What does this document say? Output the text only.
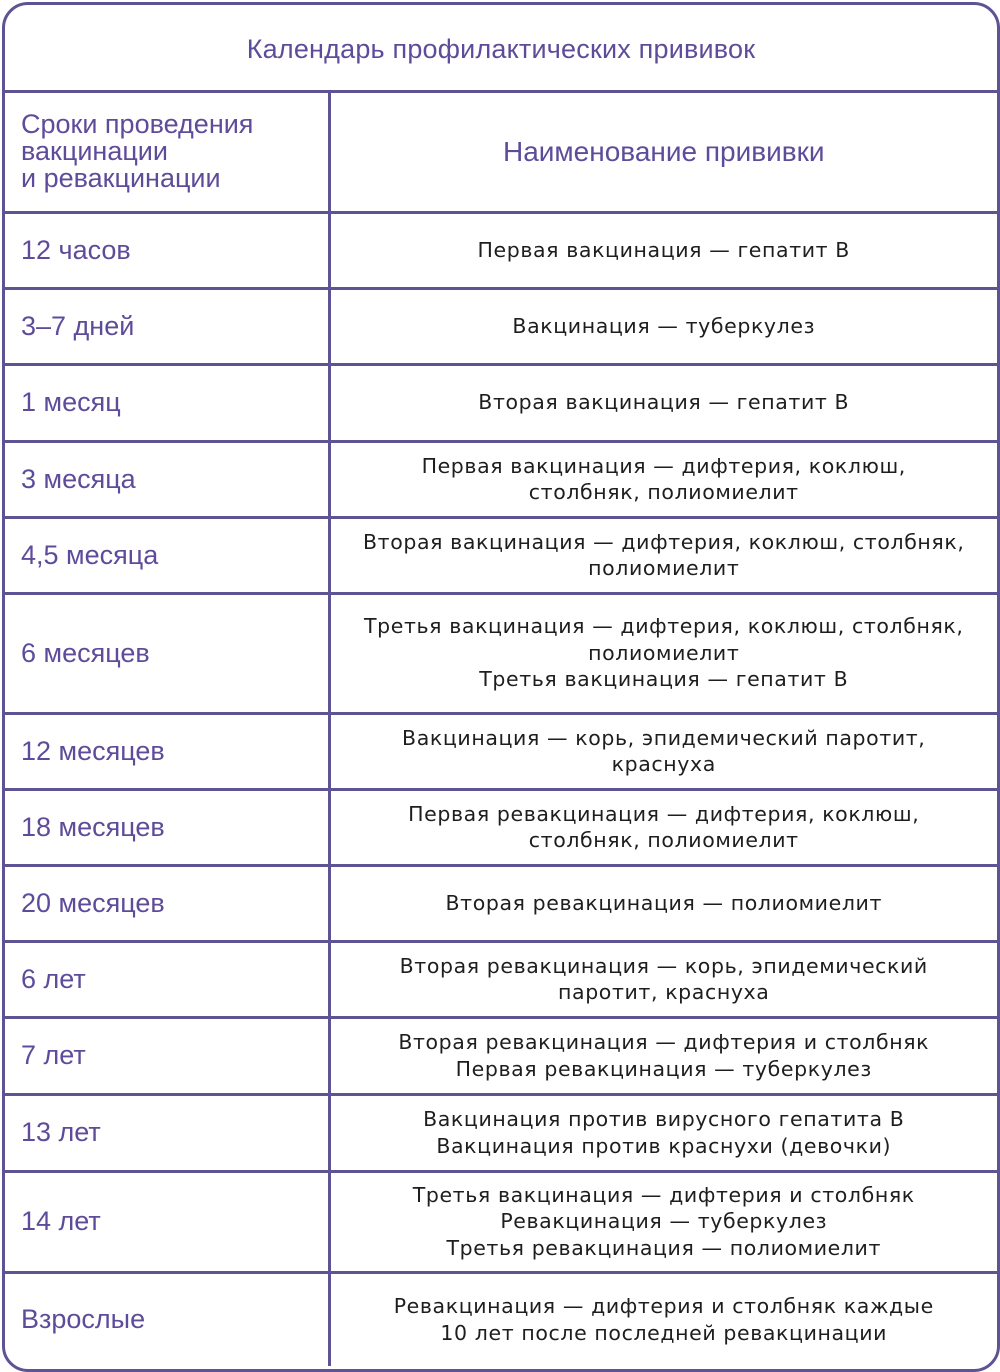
Календарь профилактических прививок
Сроки проведения
вакцинации
и ревакцинации	Наименование прививки
12 часов	Первая вакцинация — гепатит В

3–7 дней	Вакцинация — туберкулез

1 месяц	Вторая вакцинация — гепатит В

3 месяца	Первая вакцинация — дифтерия, коклюш,
столбняк, полиомиелит

4,5 месяца	Вторая вакцинация — дифтерия, коклюш, столбняк,
полиомиелит

6 месяцев	Третья вакцинация — дифтерия, коклюш, столбняк,
полиомиелит
Третья вакцинация — гепатит В

12 месяцев	Вакцинация — корь, эпидемический паротит,
краснуха

18 месяцев	Первая ревакцинация — дифтерия, коклюш,
столбняк, полиомиелит

20 месяцев	Вторая ревакцинация — полиомиелит

6 лет	Вторая ревакцинация — корь, эпидемический
паротит, краснуха

7 лет	Вторая ревакцинация — дифтерия и столбняк
Первая ревакцинация — туберкулез

13 лет	Вакцинация против вирусного гепатита В
Вакцинация против краснухи (девочки)

14 лет	Третья вакцинация — дифтерия и столбняк
Ревакцинация — туберкулез
Третья ревакцинация — полиомиелит

Взрослые	Ревакцинация — дифтерия и столбняк каждые
10 лет после последней ревакцинации
